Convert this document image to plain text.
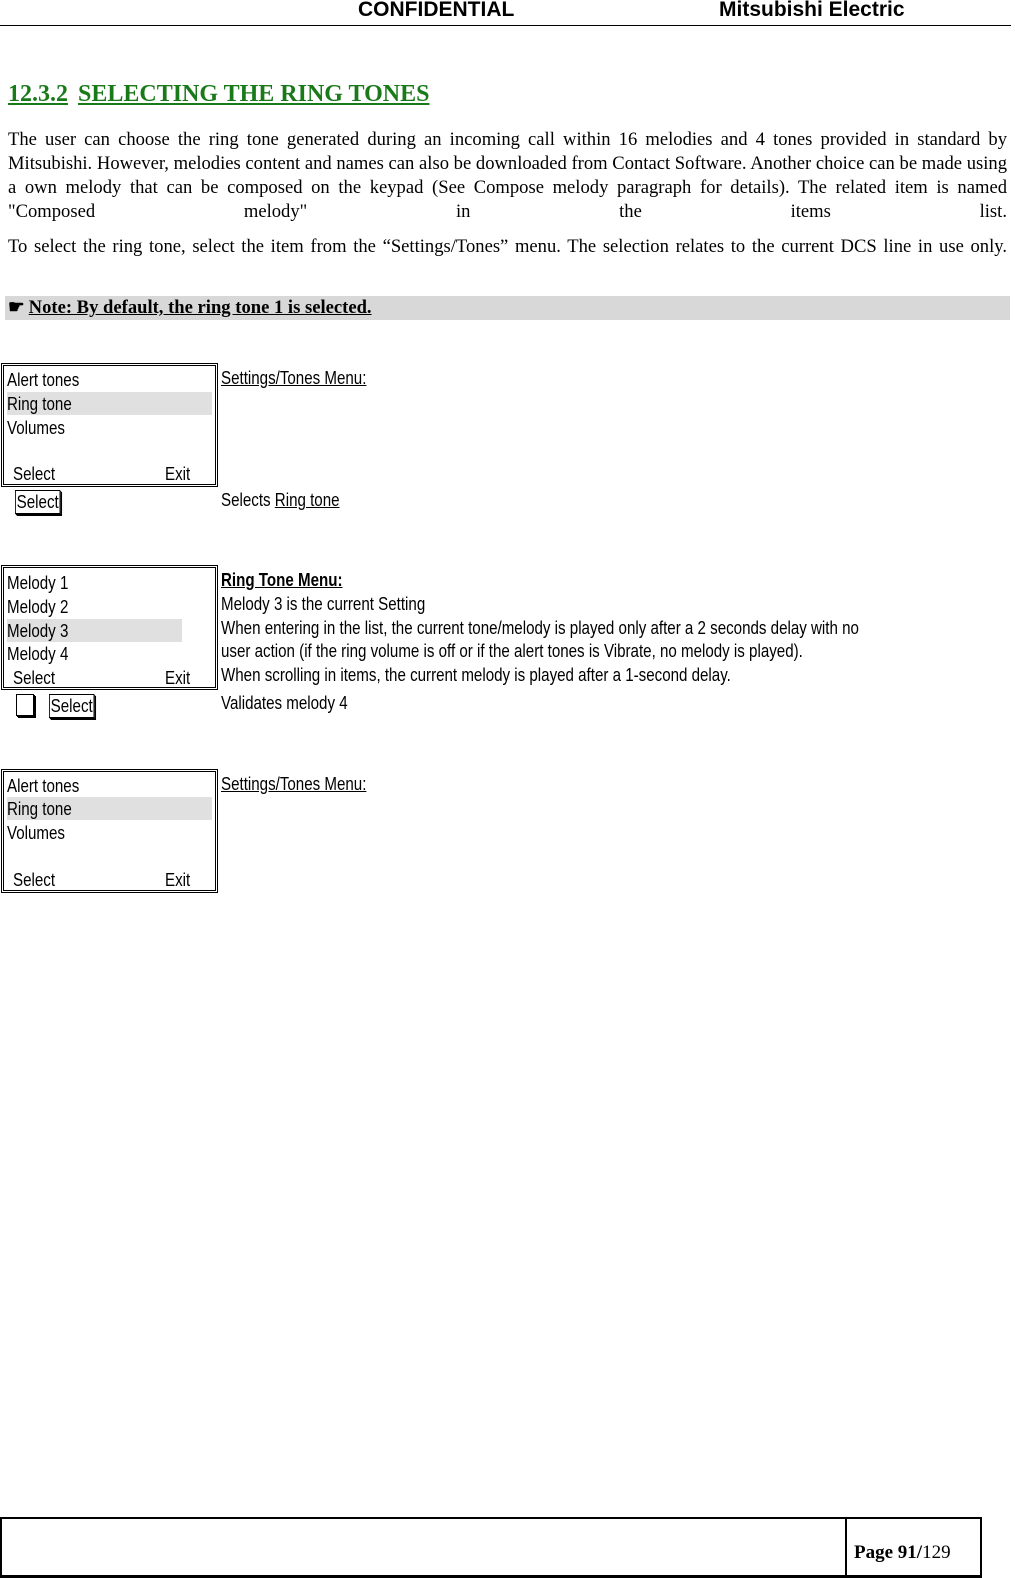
CONFIDENTIAL	Mitsubishi Electric
12.3.2 SELECTING THE RING TONES
The user can choose the ring tone generated during an incoming call within 16 melodies and 4 tones provided in standard by Mitsubishi. However, melodies content and names can also be downloaded from Contact Software. Another choice can be made using a own melody that can be composed on the keypad (See Compose melody paragraph for details). The related item is named "Composed melody" in the items list.
To select the ring tone, select the item from the “Settings/Tones” menu. The selection relates to the current DCS line in use only.
☛ Note: By default, the ring tone 1 is selected.
Alert tones
Ring tone
Volumes
Select	Exit
Settings/Tones Menu:
Select	Selects Ring tone
Melody 1
Melody 2
Melody 3
Melody 4
Select	Exit
Ring Tone Menu:
Melody 3 is the current Setting
When entering in the list, the current tone/melody is played only after a 2 seconds delay with no
user action (if the ring volume is off or if the alert tones is Vibrate, no melody is played).
When scrolling in items, the current melody is played after a 1-second delay.
Select	Validates melody 4
Alert tones
Ring tone
Volumes
Select	Exit
Settings/Tones Menu:
Page 91/129
